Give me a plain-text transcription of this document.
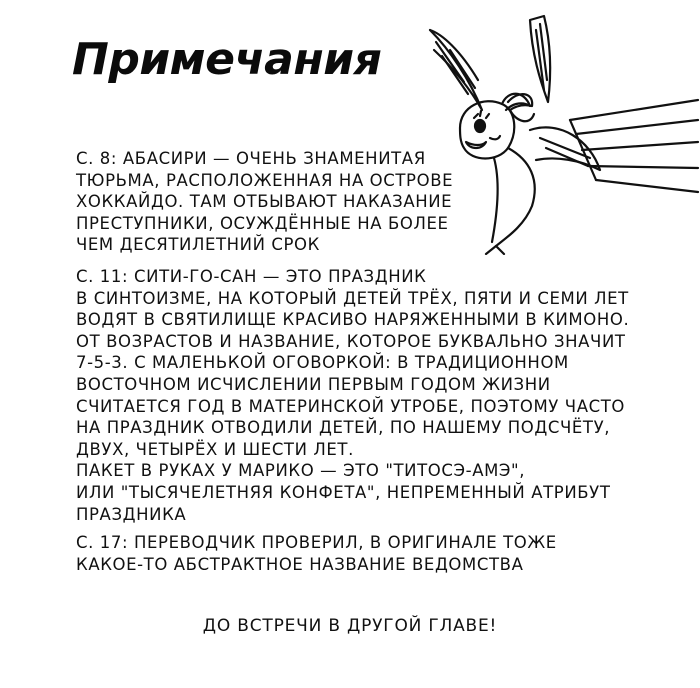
Примечания
С. 8: АБАСИРИ — ОЧЕНЬ ЗНАМЕНИТАЯ
ТЮРЬМА, РАСПОЛОЖЕННАЯ НА ОСТРОВЕ
ХОККАЙДО. ТАМ ОТБЫВАЮТ НАКАЗАНИЕ
ПРЕСТУПНИКИ, ОСУЖДЁННЫЕ НА БОЛЕЕ
ЧЕМ ДЕСЯТИЛЕТНИЙ СРОК
С. 11: СИТИ-ГО-САН — ЭТО ПРАЗДНИК
В СИНТОИЗМЕ, НА КОТОРЫЙ ДЕТЕЙ ТРЁХ, ПЯТИ И СЕМИ ЛЕТ
ВОДЯТ В СВЯТИЛИЩЕ КРАСИВО НАРЯЖЕННЫМИ В КИМОНО.
ОТ ВОЗРАСТОВ И НАЗВАНИЕ, КОТОРОЕ БУКВАЛЬНО ЗНАЧИТ
7-5-3. С МАЛЕНЬКОЙ ОГОВОРКОЙ: В ТРАДИЦИОННОМ
ВОСТОЧНОМ ИСЧИСЛЕНИИ ПЕРВЫМ ГОДОМ ЖИЗНИ
СЧИТАЕТСЯ ГОД В МАТЕРИНСКОЙ УТРОБЕ, ПОЭТОМУ ЧАСТО
НА ПРАЗДНИК ОТВОДИЛИ ДЕТЕЙ, ПО НАШЕМУ ПОДСЧЁТУ,
ДВУХ, ЧЕТЫРЁХ И ШЕСТИ ЛЕТ.
ПАКЕТ В РУКАХ У МАРИКО — ЭТО "ТИТОСЭ-АМЭ",
ИЛИ "ТЫСЯЧЕЛЕТНЯЯ КОНФЕТА", НЕПРЕМЕННЫЙ АТРИБУТ
ПРАЗДНИКА
С. 17: ПЕРЕВОДЧИК ПРОВЕРИЛ, В ОРИГИНАЛЕ ТОЖЕ
КАКОЕ-ТО АБСТРАКТНОЕ НАЗВАНИЕ ВЕДОМСТВА
ДО ВСТРЕЧИ В ДРУГОЙ ГЛАВЕ!
